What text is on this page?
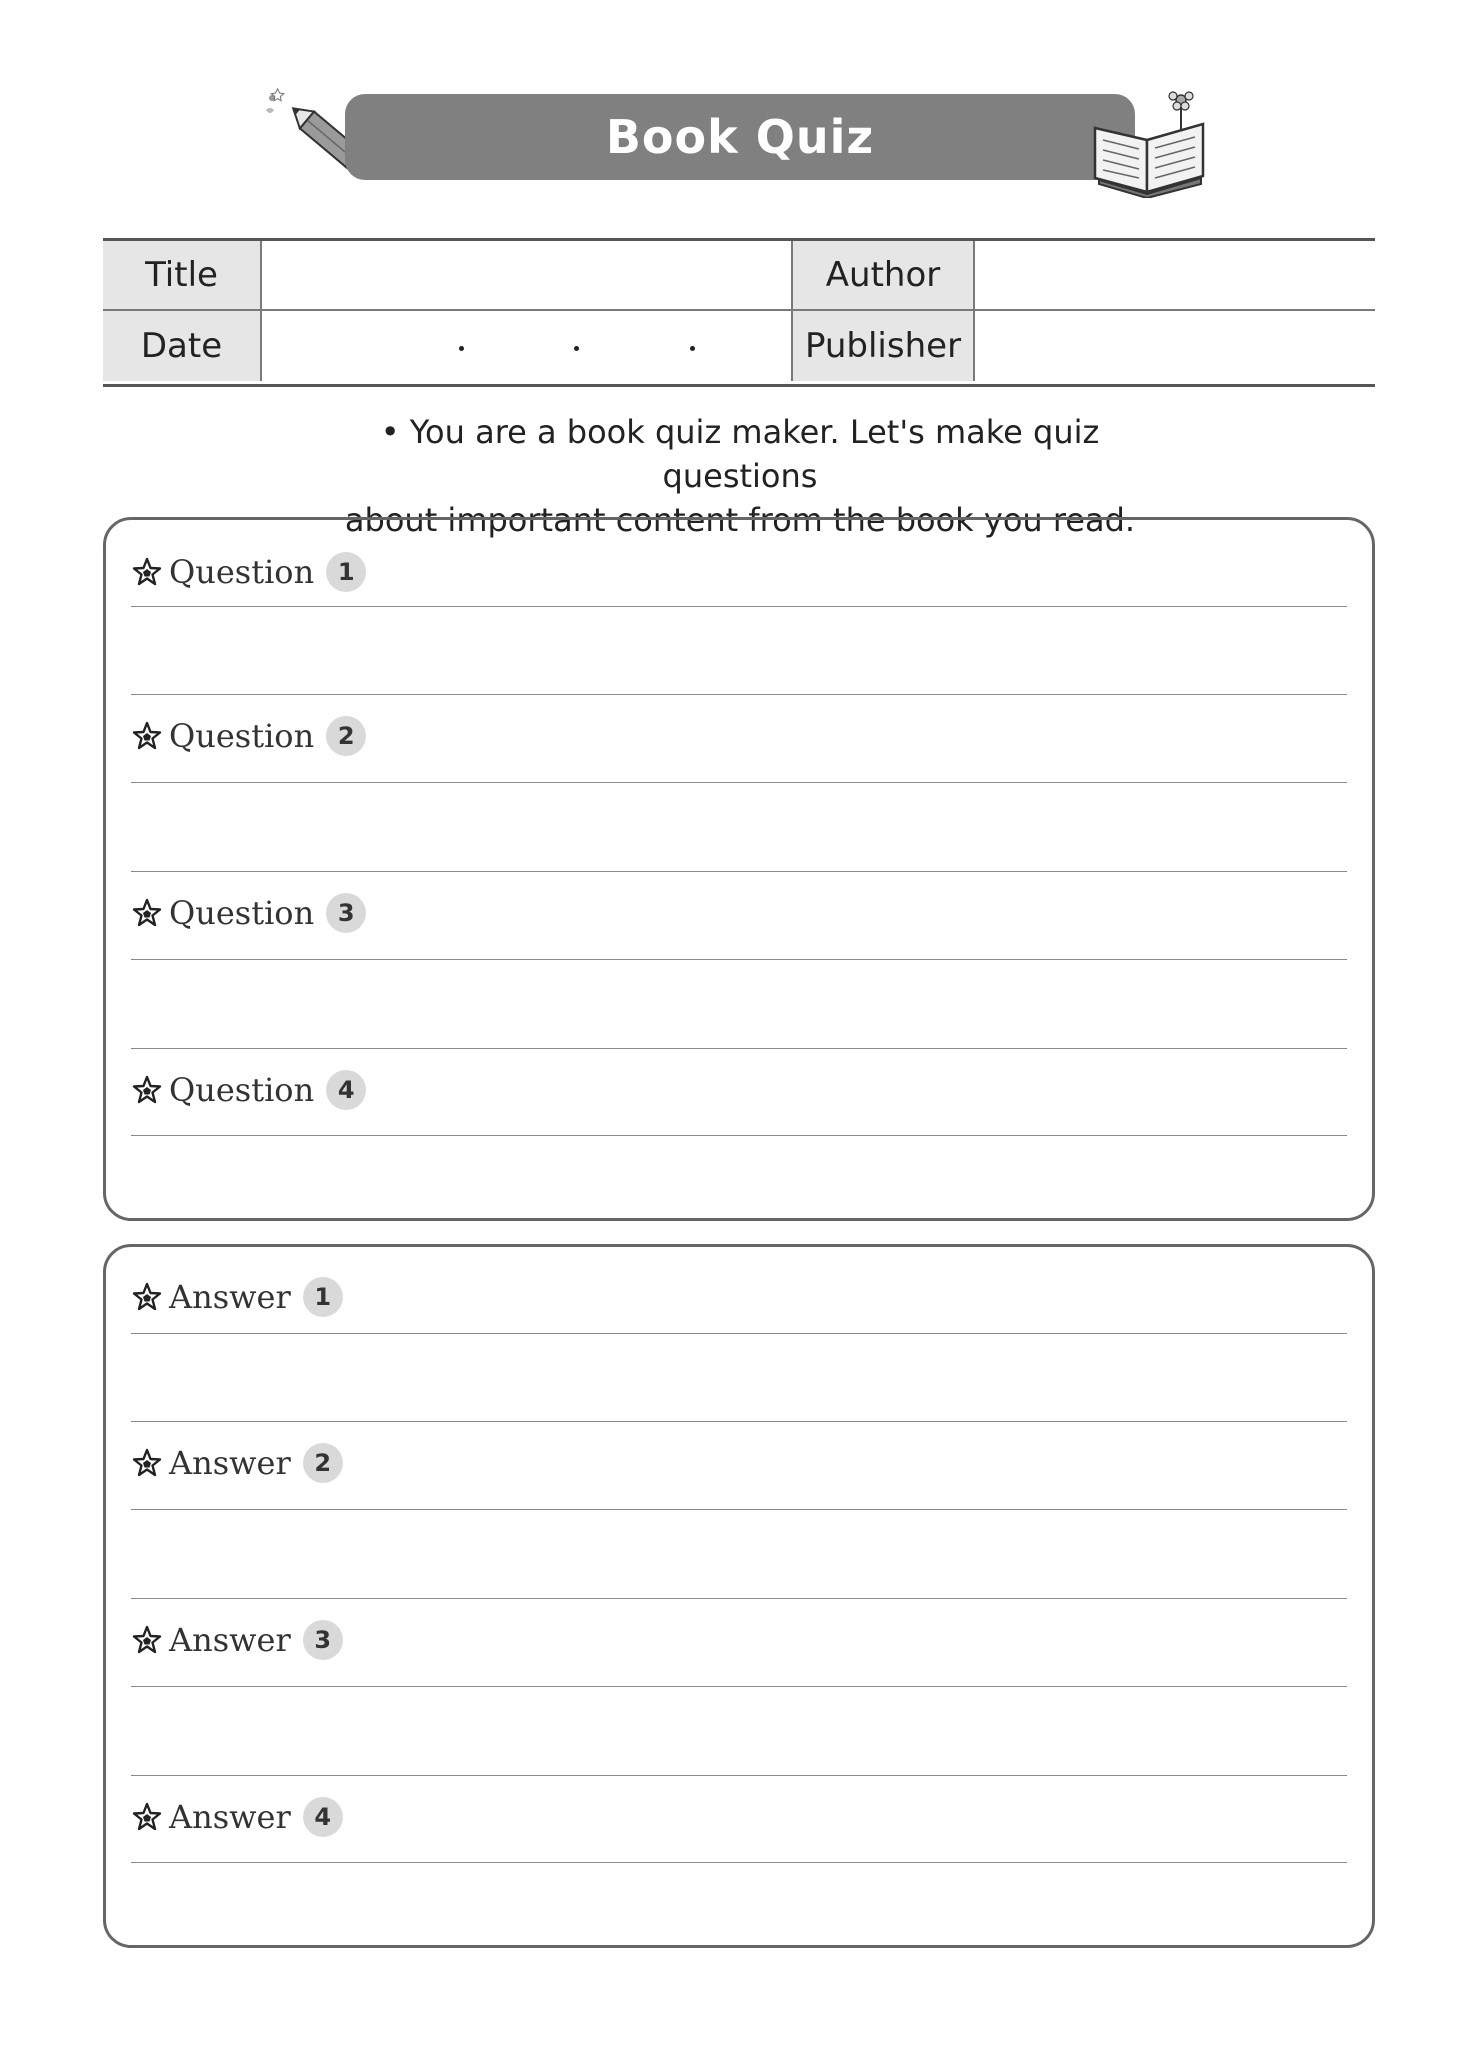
Book Quiz
Title	Author
Date	Publisher
• You are a book quiz maker. Let's make quiz questions
about important content from the book you read.
Question 1
Question 2
Question 3
Question 4
Answer 1
Answer 2
Answer 3
Answer 4
